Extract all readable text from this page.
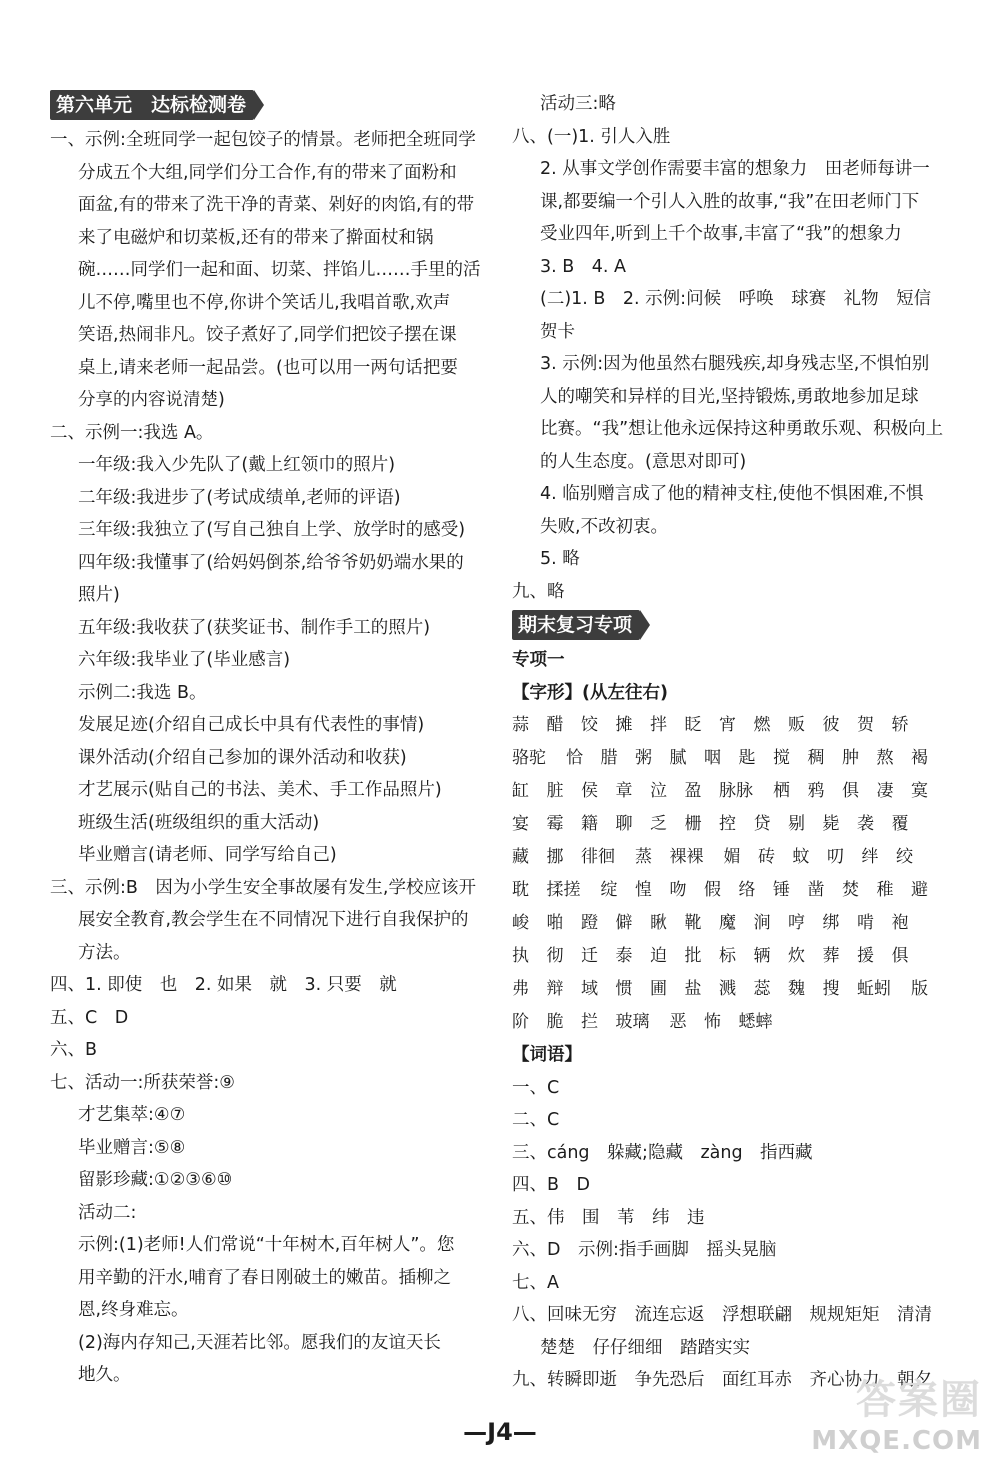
第六单元　达标检测卷
一、示例:全班同学一起包饺子的情景。老师把全班同学
分成五个大组,同学们分工合作,有的带来了面粉和
面盆,有的带来了洗干净的青菜、剁好的肉馅,有的带
来了电磁炉和切菜板,还有的带来了擀面杖和锅
碗……同学们一起和面、切菜、拌馅儿……手里的活
儿不停,嘴里也不停,你讲个笑话儿,我唱首歌,欢声
笑语,热闹非凡。饺子煮好了,同学们把饺子摆在课
桌上,请来老师一起品尝。(也可以用一两句话把要
分享的内容说清楚)
二、示例一:我选 A。
一年级:我入少先队了(戴上红领巾的照片)
二年级:我进步了(考试成绩单,老师的评语)
三年级:我独立了(写自己独自上学、放学时的感受)
四年级:我懂事了(给妈妈倒茶,给爷爷奶奶端水果的
照片)
五年级:我收获了(获奖证书、制作手工的照片)
六年级:我毕业了(毕业感言)
示例二:我选 B。
发展足迹(介绍自己成长中具有代表性的事情)
课外活动(介绍自己参加的课外活动和收获)
才艺展示(贴自己的书法、美术、手工作品照片)
班级生活(班级组织的重大活动)
毕业赠言(请老师、同学写给自己)
三、示例:B　因为小学生安全事故屡有发生,学校应该开
展安全教育,教会学生在不同情况下进行自我保护的
方法。
四、1. 即使　也　2. 如果　就　3. 只要　就
五、C　D
六、B
七、活动一:所获荣誉:⑨
才艺集萃:④⑦
毕业赠言:⑤⑧
留影珍藏:①②③⑥⑩
活动二:
示例:(1)老师!人们常说“十年树木,百年树人”。您
用辛勤的汗水,哺育了春日刚破土的嫩苗。插柳之
恩,终身难忘。
(2)海内存知己,天涯若比邻。愿我们的友谊天长
地久。
活动三:略
八、(一)1. 引人入胜
2. 从事文学创作需要丰富的想象力　田老师每讲一
课,都要编一个引人入胜的故事,“我”在田老师门下
受业四年,听到上千个故事,丰富了“我”的想象力
3. B　4. A
(二)1. B　2. 示例:问候　呼唤　球赛　礼物　短信
贺卡
3. 示例:因为他虽然右腿残疾,却身残志坚,不惧怕别
人的嘲笑和异样的目光,坚持锻炼,勇敢地参加足球
比赛。“我”想让他永远保持这种勇敢乐观、积极向上
的人生态度。(意思对即可)
4. 临别赠言成了他的精神支柱,使他不惧困难,不惧
失败,不改初衷。
5. 略
九、略
期末复习专项
专项一
【字形】(从左往右)
蒜	醋	饺	摊	拌	眨	宵	燃	贩	彼	贺	轿
骆驼	恰	腊	粥	腻	咽	匙	搅	稠	肿	熬	褐
缸	脏	侯	章	泣	盈	脉脉	栖	鸦	俱	凄	寞
宴	霉	籍	聊	乏	栅	控	贷	剔	毙	袭	覆
藏	挪	徘徊	蒸	裸裸	媚	砖	蚊	叨	绊	绞
耽	揉搓	绽	惶	吻	假	络	锤	凿	焚	稚	避
峻	啪	蹬	僻	瞅	靴	魔	涧	哼	绑	啃	袍
执	彻	迁	泰	迫	批	标	辆	炊	葬	援	俱
弗	辩	域	惯	圃	盐	溅	蕊	魏	搜	蚯蚓	版
阶	脆	拦	玻璃	恶	怖	蟋蟀
【词语】
一、C
二、C
三、cáng　躲藏;隐藏　zàng　指西藏
四、B　D
五、伟　围　苇　纬　违
六、D　示例:指手画脚　摇头晃脑
七、A
八、回味无穷　流连忘返　浮想联翩　规规矩矩　清清
楚楚　仔仔细细　踏踏实实
九、转瞬即逝　争先恐后　面红耳赤　齐心协力　朝夕
—J4—
答案圈
MXQE.COM
